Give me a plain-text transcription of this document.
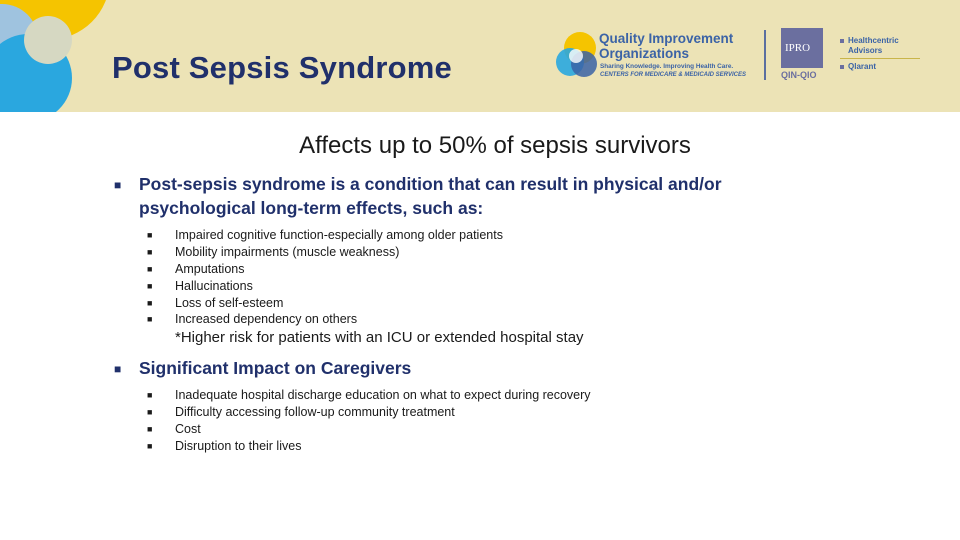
Post Sepsis Syndrome
Quality Improvement
Organizations
Sharing Knowledge. Improving Health Care.
CENTERS FOR MEDICARE & MEDICAID SERVICES
IPRO
QIN-QIO
Healthcentric
Advisors
Qlarant
Affects up to 50% of sepsis survivors
■ Post-sepsis syndrome is a condition that can result in physical and/or
psychological long-term effects, such as:
■ Impaired cognitive function-especially among older patients
■ Mobility impairments (muscle weakness)
■ Amputations
■ Hallucinations
■ Loss of self-esteem
■ Increased dependency on others
*Higher risk for patients with an ICU or extended hospital stay
■ Significant Impact on Caregivers
■ Inadequate hospital discharge education on what to expect during recovery
■ Difficulty accessing follow-up community treatment
■ Cost
■ Disruption to their lives
